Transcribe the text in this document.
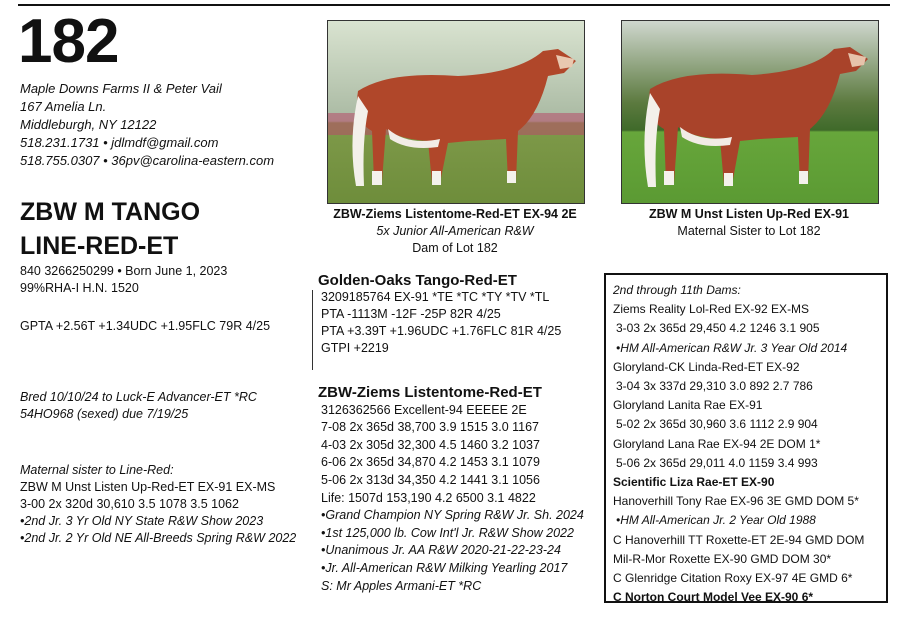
182
Maple Downs Farms II & Peter Vail
167 Amelia Ln.
Middleburgh, NY 12122
518.231.1731 • jdlmdf@gmail.com
518.755.0307 • 36pv@carolina-eastern.com
ZBW M TANGO
LINE-RED-ET
840 3266250299 • Born June 1, 2023
99%RHA-I H.N. 1520
GPTA +2.56T +1.34UDC +1.95FLC 79R 4/25
Bred 10/10/24 to Luck-E Advancer-ET *RC
54HO968 (sexed) due 7/19/25
Maternal sister to Line-Red:
ZBW M Unst Listen Up-Red-ET EX-91 EX-MS
3-00 2x 320d 30,610 3.5 1078 3.5 1062
•2nd Jr. 3 Yr Old NY State R&W Show 2023
•2nd Jr. 2 Yr Old NE All-Breeds Spring R&W 2022
ZBW-Ziems Listentome-Red-ET EX-94 2E
5x Junior All-American R&W
Dam of Lot 182
ZBW M Unst Listen Up-Red EX-91
Maternal Sister to Lot 182
Golden-Oaks Tango-Red-ET
3209185764 EX-91 *TE *TC *TY *TV *TL
PTA -1113M -12F -25P 82R 4/25
PTA +3.39T +1.96UDC +1.76FLC 81R 4/25
GTPI +2219
ZBW-Ziems Listentome-Red-ET
3126362566 Excellent-94 EEEEE 2E
7-08 2x 365d 38,700 3.9 1515 3.0 1167
4-03 2x 305d 32,300 4.5 1460 3.2 1037
6-06 2x 365d 34,870 4.2 1453 3.1 1079
5-06 2x 313d 34,350 4.2 1441 3.1 1056
Life: 1507d 153,190 4.2 6500 3.1 4822
•Grand Champion NY Spring R&W Jr. Sh. 2024
•1st 125,000 lb. Cow Int'l Jr. R&W Show 2022
•Unanimous Jr. AA R&W 2020-21-22-23-24
•Jr. All-American R&W Milking Yearling 2017
S: Mr Apples Armani-ET *RC
2nd through 11th Dams:
Ziems Reality Lol-Red EX-92 EX-MS
3-03 2x 365d 29,450 4.2 1246 3.1 905
•HM All-American R&W Jr. 3 Year Old 2014
Gloryland-CK Linda-Red-ET EX-92
3-04 3x 337d 29,310 3.0 892 2.7 786
Gloryland Lanita Rae EX-91
5-02 2x 365d 30,960 3.6 1112 2.9 904
Gloryland Lana Rae EX-94 2E DOM 1*
5-06 2x 365d 29,011 4.0 1159 3.4 993
Scientific Liza Rae-ET EX-90
Hanoverhill Tony Rae EX-96 3E GMD DOM 5*
•HM All-American Jr. 2 Year Old 1988
C Hanoverhill TT Roxette-ET 2E-94 GMD DOM
Mil-R-Mor Roxette EX-90 GMD DOM 30*
C Glenridge Citation Roxy EX-97 4E GMD 6*
C Norton Court Model Vee EX-90 6*
